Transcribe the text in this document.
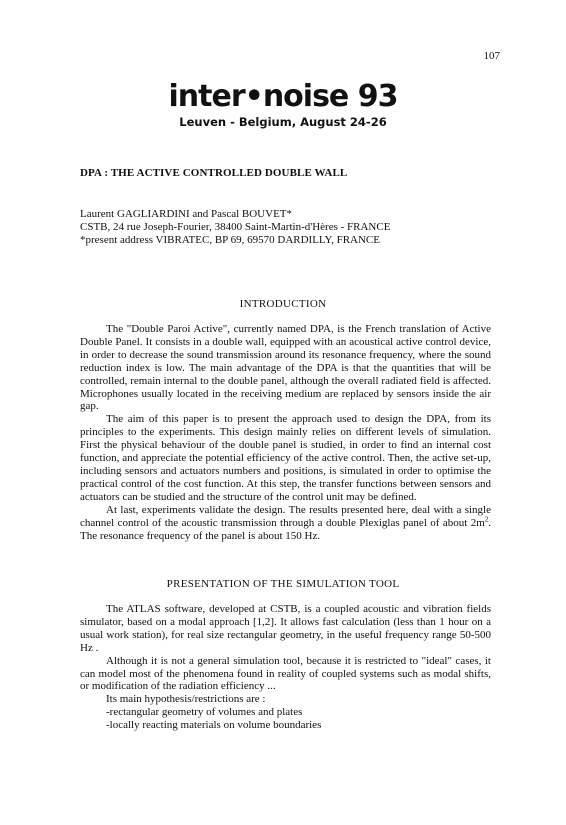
107
inter•noise 93
Leuven - Belgium, August 24-26
DPA : THE ACTIVE CONTROLLED DOUBLE WALL
Laurent GAGLIARDINI and Pascal BOUVET*
CSTB, 24 rue Joseph-Fourier, 38400 Saint-Martin-d'Hères - FRANCE
*present address VIBRATEC, BP 69, 69570 DARDILLY, FRANCE
INTRODUCTION

The "Double Paroi Active", currently named DPA, is the French translation of Active Double Panel. It consists in a double wall, equipped with an acoustical active control device, in order to decrease the sound transmission around its resonance frequency, where the sound reduction index is low. The main advantage of the DPA is that the quantities that will be controlled, remain internal to the double panel, although the overall radiated field is affected. Microphones usually located in the receiving medium are replaced by sensors inside the air gap.

The aim of this paper is to present the approach used to design the DPA, from its principles to the experiments. This design mainly relies on different levels of simulation. First the physical behaviour of the double panel is studied, in order to find an internal cost function, and appreciate the potential efficiency of the active control. Then, the active set-up, including sensors and actuators numbers and positions, is simulated in order to optimise the practical control of the cost function. At this step, the transfer functions between sensors and actuators can be studied and the structure of the control unit may be defined.

At last, experiments validate the design. The results presented here, deal with a single channel control of the acoustic transmission through a double Plexiglas panel of about $2m^2$. The resonance frequency of the panel is about 150 Hz.

PRESENTATION OF THE SIMULATION TOOL

The ATLAS software, developed at CSTB, is a coupled acoustic and vibration fields simulator, based on a modal approach [1,2]. It allows fast calculation (less than 1 hour on a usual work station), for real size rectangular geometry, in the useful frequency range 50-500 Hz .

Although it is not a general simulation tool, because it is restricted to "ideal" cases, it can model most of the phenomena found in reality of coupled systems such as modal shifts, or modification of the radiation efficiency ...

Its main hypothesis/restrictions are :

-rectangular geometry of volumes and plates

-locally reacting materials on volume boundaries
